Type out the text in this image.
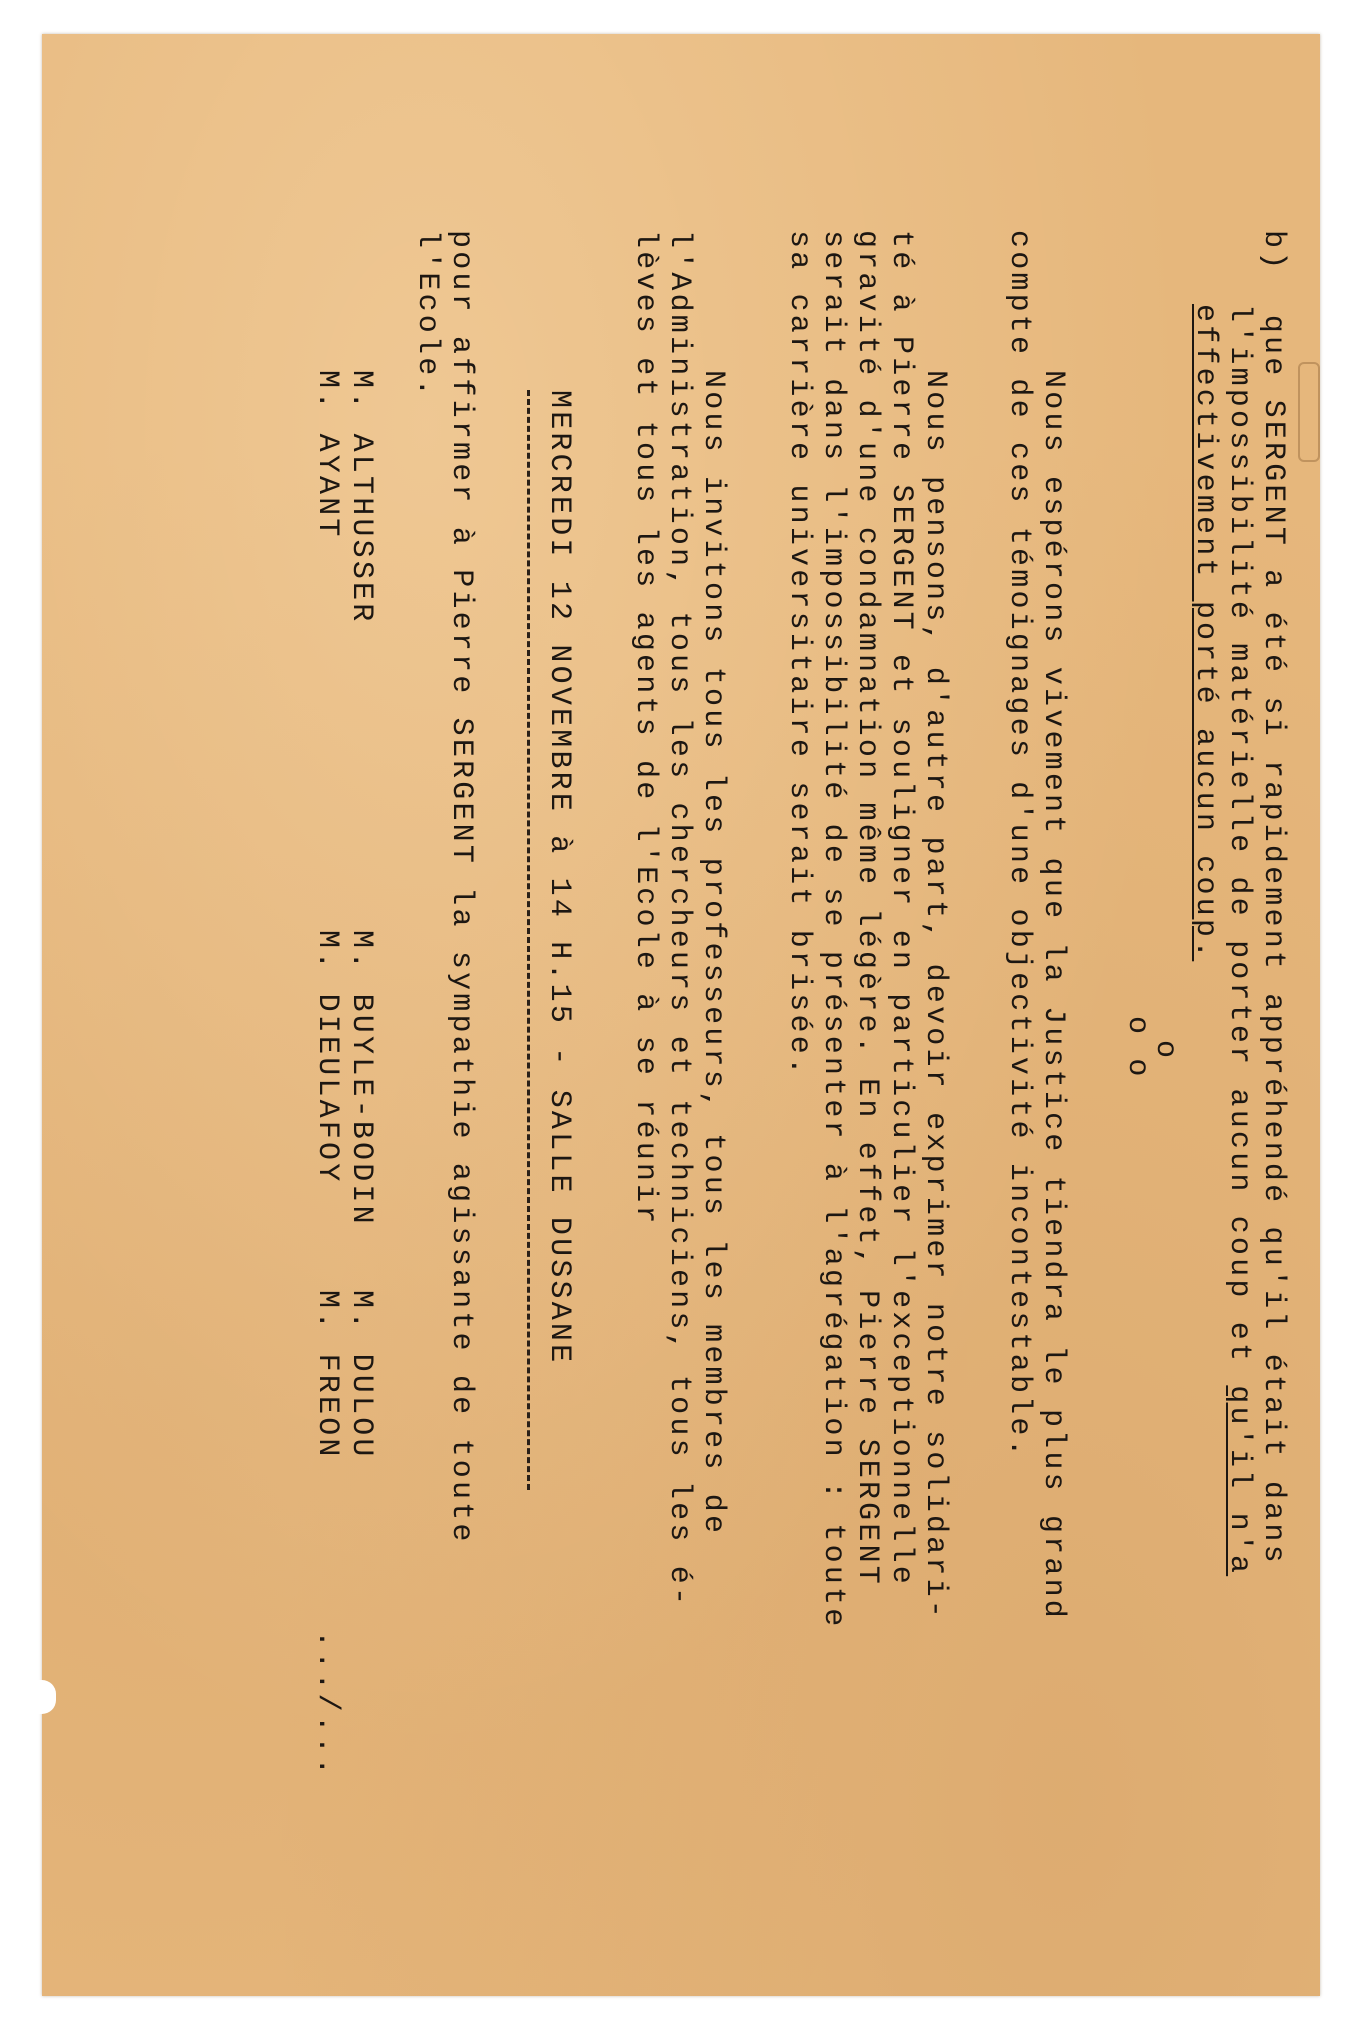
b)  que SERGENT a été si rapidement appréhendé qu'il était dans

l'impossibilité matérielle de porter aucun coup et qu'il n'a

effectivement porté aucun coup.

o

o o

Nous espérons vivement que la Justice tiendra le plus grand

compte de ces témoignages d'une objectivité incontestable.

Nous pensons, d'autre part, devoir exprimer notre solidari-

té à Pierre SERGENT et souligner en particulier l'exceptionnelle

gravité d'une condamnation même légère. En effet, Pierre SERGENT

serait dans l'impossibilité de se présenter à l'agrégation : toute

sa carrière universitaire serait brisée.

Nous invitons tous les professeurs, tous les membres de

l'Administration, tous les chercheurs et techniciens, tous les é-

lèves et tous les agents de l'Ecole à se réunir

MERCREDI 12 NOVEMBRE à 14 H.15 - SALLE DUSSANE

pour affirmer à Pierre SERGENT la sympathie agissante de toute

l'Ecole.

M. ALTHUSSER

M. BUYLE-BODIN

M. DULOU

M. AYANT

M. DIEULAFOY

M. FREON

.../...
